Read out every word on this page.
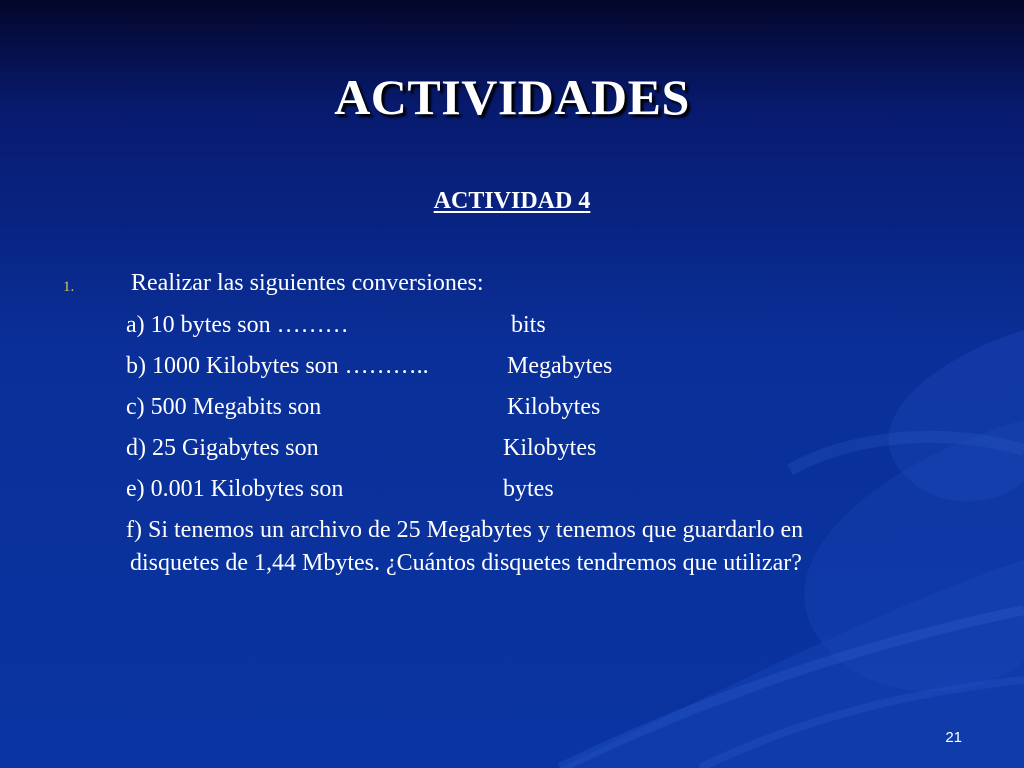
ACTIVIDADES
ACTIVIDAD 4
1. Realizar las siguientes conversiones:
a) 10 bytes son ………	bits
b) 1000 Kilobytes son ………..	Megabytes
c) 500 Megabits son	Kilobytes
d) 25 Gigabytes son	Kilobytes
e) 0.001 Kilobytes son	bytes
f) Si tenemos un archivo de 25 Megabytes y tenemos que guardarlo en
disquetes de 1,44 Mbytes. ¿Cuántos disquetes tendremos que utilizar?
21
